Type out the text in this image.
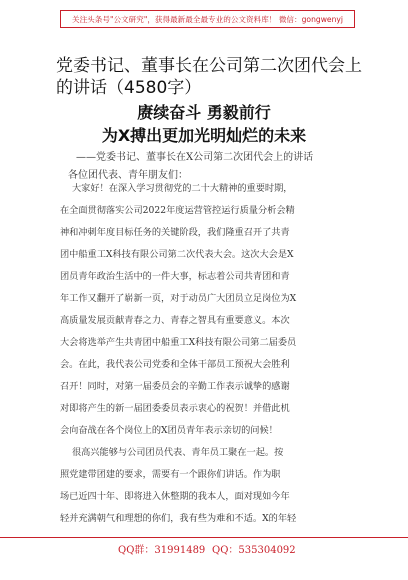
关注头条号"公文研究"，获得最新最全最专业的公文资料库！ 微信：gongwenyj
党委书记、董事长在公司第二次团代会上的讲话（4580字）
赓续奋斗 勇毅前行
为X搏出更加光明灿烂的未来
——党委书记、董事长在X公司第二次团代会上的讲话
各位团代表、青年朋友们：
大家好！在深入学习贯彻党的二十大精神的重要时期，
在全面贯彻落实公司2022年度运营管控运行质量分析会精
神和冲刺年度目标任务的关键阶段，我们隆重召开了共青
团中船重工X科技有限公司第二次代表大会。这次大会是X
团员青年政治生活中的一件大事，标志着公司共青团和青
年工作又翻开了崭新一页，对于动员广大团员立足岗位为X
高质量发展贡献青春之力、青春之智具有重要意义。本次
大会将选举产生共青团中船重工X科技有限公司第二届委员
会。在此，我代表公司党委和全体干部员工预祝大会胜利
召开！同时，对第一届委员会的辛勤工作表示诚挚的感谢
对即将产生的新一届团委委员表示衷心的祝贺！并借此机
会向奋战在各个岗位上的X团员青年表示亲切的问候！
很高兴能够与公司团员代表、青年员工聚在一起。按
照党建带团建的要求，需要有一个跟你们讲话。作为职
场已近四十年、即将进入休整期的我本人，面对现如今年
轻并充满朝气和理想的你们，我有些为难和不适。X的年轻
QQ群：31991489 QQ：535304092
